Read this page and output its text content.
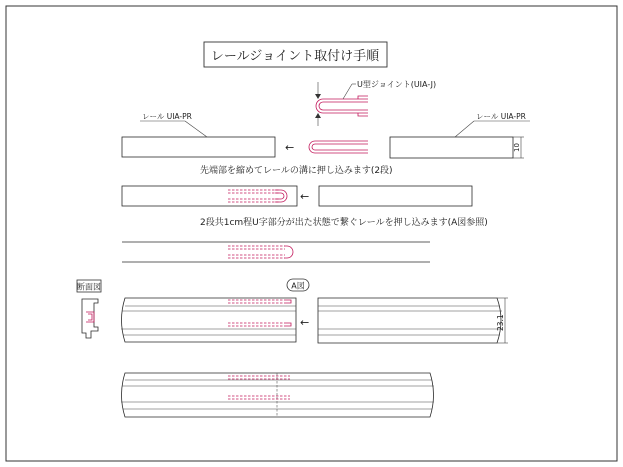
レールジョイント取付け手順
U型ジョイント(UIA-J)
レール UIA-PR
←
レール UIA-PR
10
先端部を縮めてレールの溝に押し込みます(2段)
←
2段共1cm程U字部分が出た状態で繋ぐレールを押し込みます(A図参照)
断面図	A図
←	23.1
